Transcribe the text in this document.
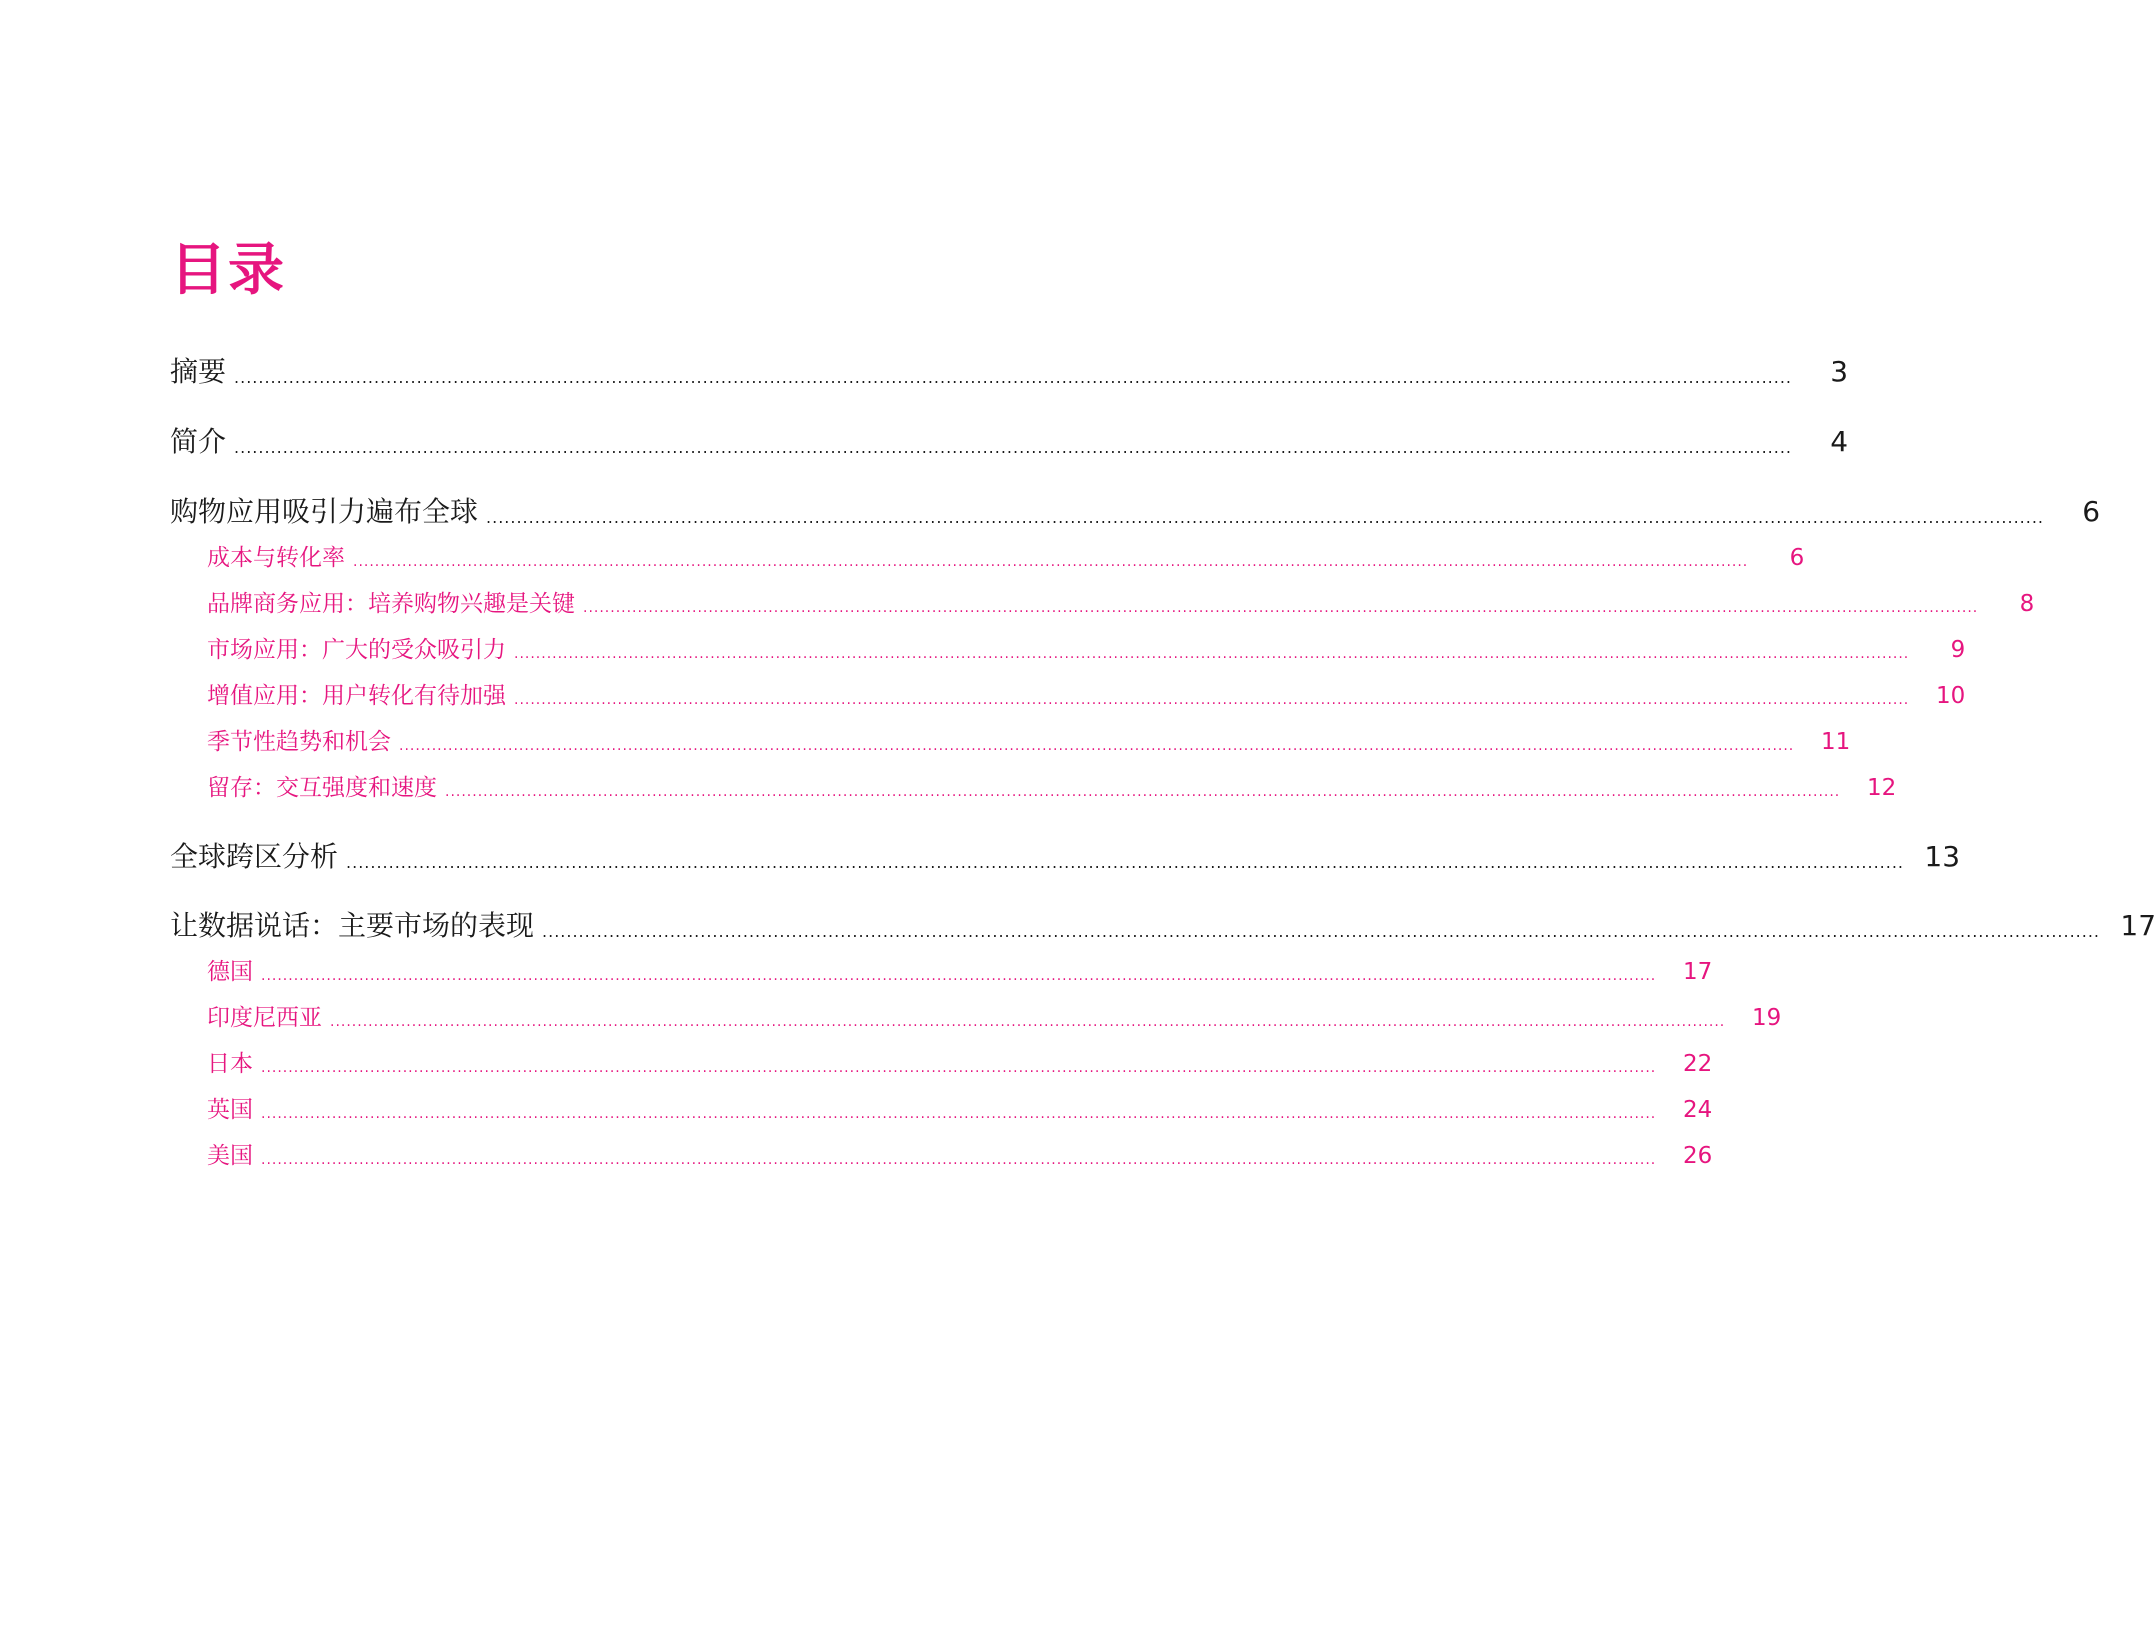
目录
摘要 ................................................................................................................................................................................................................................................................	3
简介 ................................................................................................................................................................................................................................................................	4
购物应用吸引力遍布全球 ................................................................................................................................................................................................................................................................	6
成本与转化率 ................................................................................................................................................................................................................................................................	6
品牌商务应用：培养购物兴趣是关键 ................................................................................................................................................................................................................................................................	8
市场应用：广大的受众吸引力 ................................................................................................................................................................................................................................................................	9
增值应用：用户转化有待加强 ................................................................................................................................................................................................................................................................	10
季节性趋势和机会 ................................................................................................................................................................................................................................................................	11
留存：交互强度和速度 ................................................................................................................................................................................................................................................................	12
全球跨区分析 ................................................................................................................................................................................................................................................................ 13
让数据说话：主要市场的表现 ................................................................................................................................................................................................................................................................ 17
德国 ................................................................................................................................................................................................................................................................	17
印度尼西亚 ................................................................................................................................................................................................................................................................	19
日本 ................................................................................................................................................................................................................................................................	22
英国 ................................................................................................................................................................................................................................................................	24
美国 ................................................................................................................................................................................................................................................................	26
